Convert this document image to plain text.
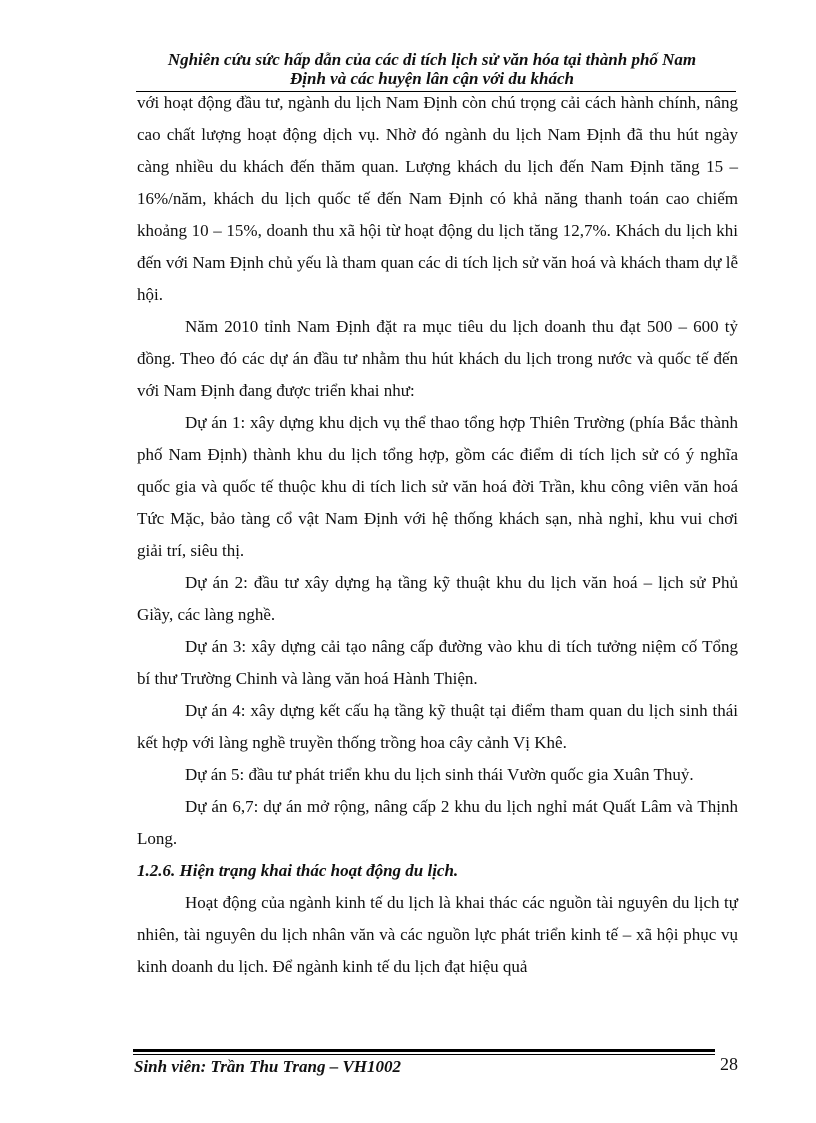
Nghiên cứu sức hấp dẫn của các di tích lịch sử văn hóa tại thành phố Nam
Định và các huyện lân cận với du khách

với hoạt động đầu tư, ngành du lịch Nam Định còn chú trọng cải cách hành chính, nâng cao chất lượng hoạt động dịch vụ. Nhờ đó ngành du lịch Nam Định đã thu hút ngày càng nhiều du khách đến thăm quan. Lượng khách du lịch đến Nam Định tăng 15 – 16%/năm, khách du lịch quốc tế đến Nam Định có khả năng thanh toán cao chiếm khoảng 10 – 15%, doanh thu xã hội từ hoạt động du lịch tăng 12,7%. Khách du lịch khi đến với Nam Định chủ yếu là tham quan các di tích lịch sử văn hoá và khách tham dự lễ hội.

Năm 2010 tỉnh Nam Định đặt ra mục tiêu du lịch doanh thu đạt 500 – 600 tỷ đồng. Theo đó các dự án đầu tư nhằm thu hút khách du lịch trong nước và quốc tế đến với Nam Định đang được triển khai như:

Dự án 1: xây dựng khu dịch vụ thể thao tổng hợp Thiên Trường (phía Bắc thành phố Nam Định) thành khu du lịch tổng hợp, gồm các điểm di tích lịch sử có ý nghĩa quốc gia và quốc tế thuộc khu di tích lich sử văn hoá đời Trần, khu công viên văn hoá Tức Mặc, bảo tàng cổ vật Nam Định với hệ thống khách sạn, nhà nghỉ, khu vui chơi giải trí, siêu thị.

Dự án 2: đầu tư xây dựng hạ tầng kỹ thuật khu du lịch văn hoá – lịch sử Phủ Giầy, các làng nghề.

Dự án 3: xây dựng cải tạo nâng cấp đường vào khu di tích tưởng niệm cố Tổng bí thư Trường Chinh và làng văn hoá Hành Thiện.

Dự án 4: xây dựng kết cấu hạ tầng kỹ thuật tại điểm tham quan du lịch sinh thái kết hợp với làng nghề truyền thống trồng hoa cây cảnh Vị Khê.

Dự án 5: đầu tư phát triển khu du lịch sinh thái Vườn quốc gia Xuân Thuỷ.

Dự án 6,7: dự án mở rộng, nâng cấp 2 khu du lịch nghỉ mát Quất Lâm và Thịnh Long.

1.2.6. Hiện trạng khai thác hoạt động du lịch.

Hoạt động của ngành kinh tế du lịch là khai thác các nguồn tài nguyên du lịch tự nhiên, tài nguyên du lịch nhân văn và các nguồn lực phát triển kinh tế – xã hội phục vụ kinh doanh du lịch. Để ngành kinh tế du lịch đạt hiệu quả

Sinh viên: Trần Thu Trang – VH1002	28
